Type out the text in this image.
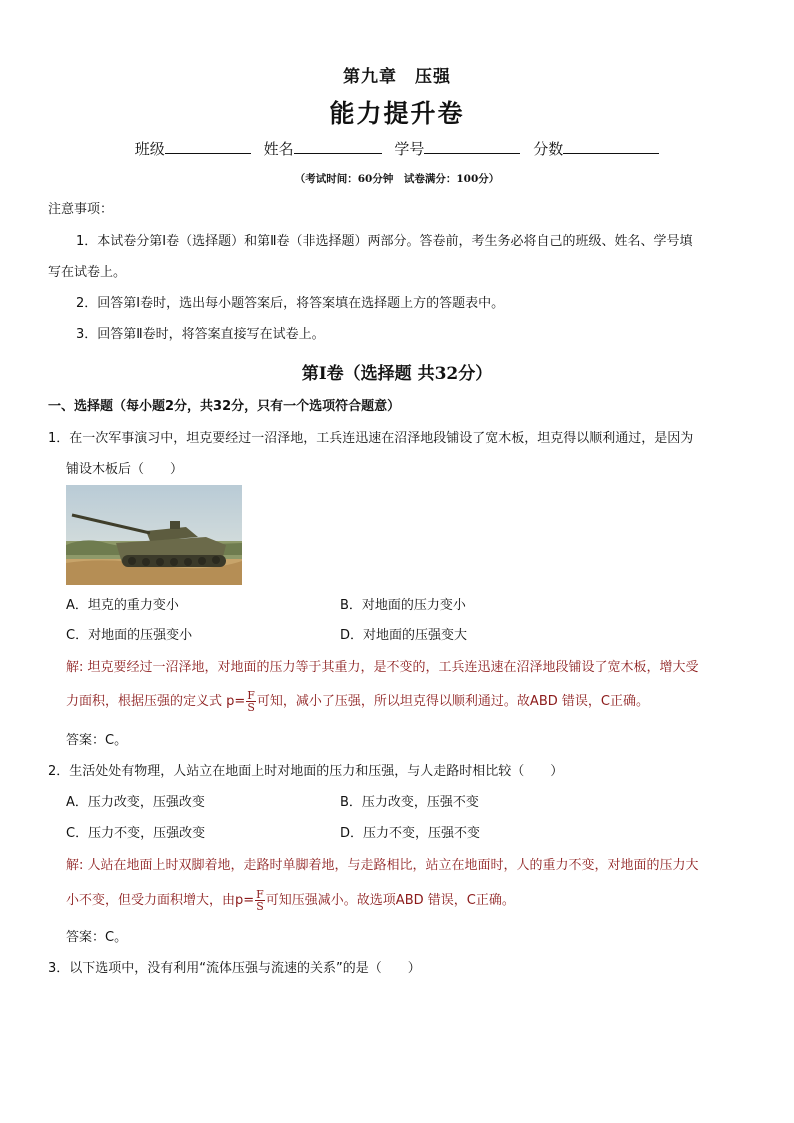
第九章　压强
能力提升卷
班级	姓名	学号	分数
（考试时间：60分钟　试卷满分：100分）
注意事项：
1．本试卷分第Ⅰ卷（选择题）和第Ⅱ卷（非选择题）两部分。答卷前，考生务必将自己的班级、姓名、学号填
写在试卷上。
2．回答第Ⅰ卷时，选出每小题答案后，将答案填在选择题上方的答题表中。
3．回答第Ⅱ卷时，将答案直接写在试卷上。
第Ⅰ卷（选择题 共32分）
一、选择题（每小题2分，共32分，只有一个选项符合题意）
1．在一次军事演习中，坦克要经过一沼泽地，工兵连迅速在沼泽地段铺设了宽木板，坦克得以顺利通过，是因为
铺设木板后（　　）
A．坦克的重力变小	B．对地面的压力变小
C．对地面的压强变小	D．对地面的压强变大
解: 坦克要经过一沼泽地，对地面的压力等于其重力，是不变的，工兵连迅速在沼泽地段铺设了宽木板，增大受
力面积，根据压强的定义式 $p= \frac{F}{S}$ 可知，减小了压强，所以坦克得以顺利通过。故ABD 错误，C正确。
答案：C。
2．生活处处有物理，人站立在地面上时对地面的压力和压强，与人走路时相比较（　　）
A．压力改变，压强改变	B．压力改变，压强不变
C．压力不变，压强改变	D．压力不变，压强不变
解: 人站在地面上时双脚着地，走路时单脚着地，与走路相比，站立在地面时，人的重力不变，对地面的压力大
小不变，但受力面积增大，由$p= \frac{F}{S}$ 可知压强减小。故选项ABD 错误，C正确。
答案：C。
3．以下选项中，没有利用“流体压强与流速的关系”的是（　　）
